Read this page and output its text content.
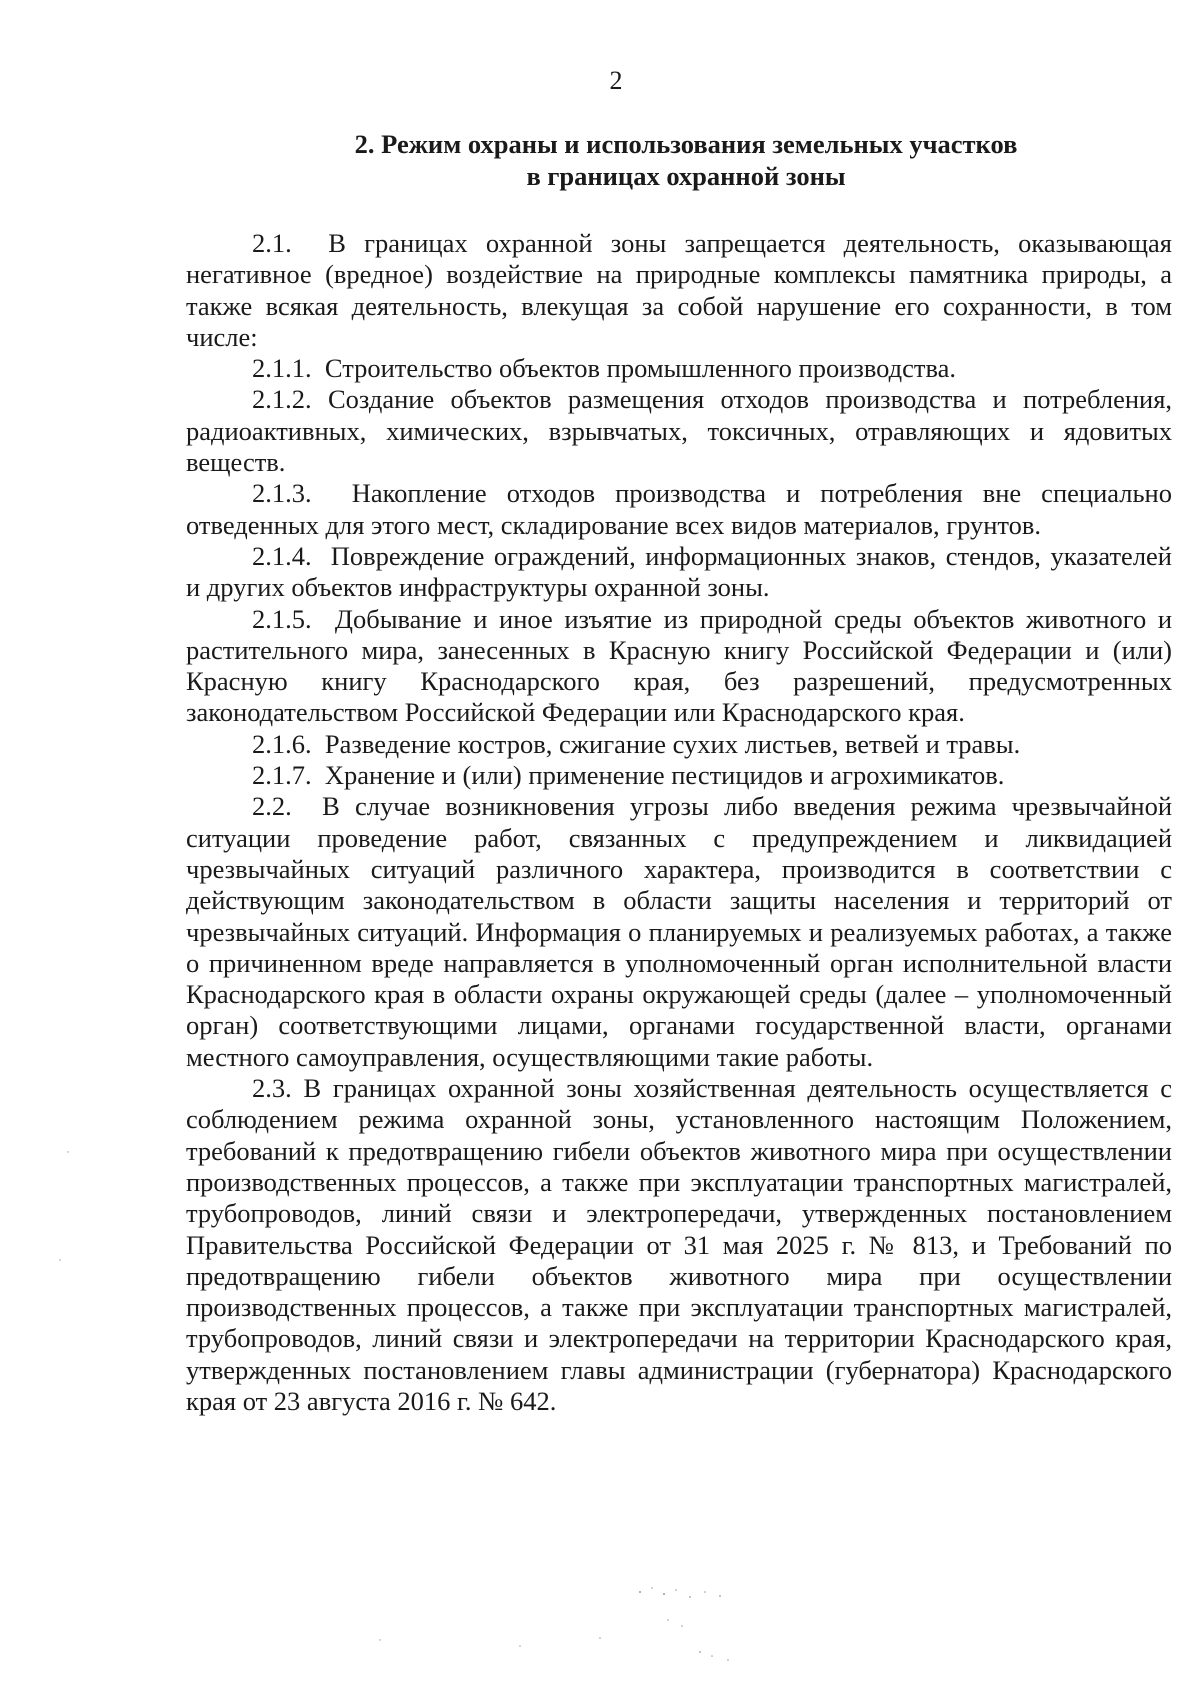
2
2. Режим охраны и использования земельных участков
в границах охранной зоны

2.1. В границах охранной зоны запрещается деятельность, оказывающая негативное (вредное) воздействие на природные комплексы памятника природы, а также всякая деятельность, влекущая за собой нарушение его сохранности, в том числе:

2.1.1. Строительство объектов промышленного производства.

2.1.2. Создание объектов размещения отходов производства и потребления, радиоактивных, химических, взрывчатых, токсичных, отравляющих и ядовитых веществ.

2.1.3. Накопление отходов производства и потребления вне специально отведенных для этого мест, складирование всех видов материалов, грунтов.

2.1.4. Повреждение ограждений, информационных знаков, стендов, указателей и других объектов инфраструктуры охранной зоны.

2.1.5. Добывание и иное изъятие из природной среды объектов животного и растительного мира, занесенных в Красную книгу Российской Федерации и (или) Красную книгу Краснодарского края, без разрешений, предусмотренных законодательством Российской Федерации или Краснодарского края.

2.1.6. Разведение костров, сжигание сухих листьев, ветвей и травы.

2.1.7. Хранение и (или) применение пестицидов и агрохимикатов.

2.2. В случае возникновения угрозы либо введения режима чрезвычайной ситуации проведение работ, связанных с предупреждением и ликвидацией чрезвычайных ситуаций различного характера, производится в соответствии с действующим законодательством в области защиты населения и территорий от чрезвычайных ситуаций. Информация о планируемых и реализуемых работах, а также о причиненном вреде направляется в уполномоченный орган исполнительной власти Краснодарского края в области охраны окружающей среды (далее – уполномоченный орган) соответствующими лицами, органами государственной власти, органами местного самоуправления, осуществляющими такие работы.

2.3. В границах охранной зоны хозяйственная деятельность осуществляется с соблюдением режима охранной зоны, установленного настоящим Положением, требований к предотвращению гибели объектов животного мира при осуществлении производственных процессов, а также при эксплуатации транспортных магистралей, трубопроводов, линий связи и электропередачи, утвержденных постановлением Правительства Российской Федерации от 31 мая 2025 г. № 813, и Требований по предотвращению гибели объектов животного мира при осуществлении производственных процессов, а также при эксплуатации транспортных магистралей, трубопроводов, линий связи и электропередачи на территории Краснодарского края, утвержденных постановлением главы администрации (губернатора) Краснодарского края от 23 августа 2016 г. № 642.
